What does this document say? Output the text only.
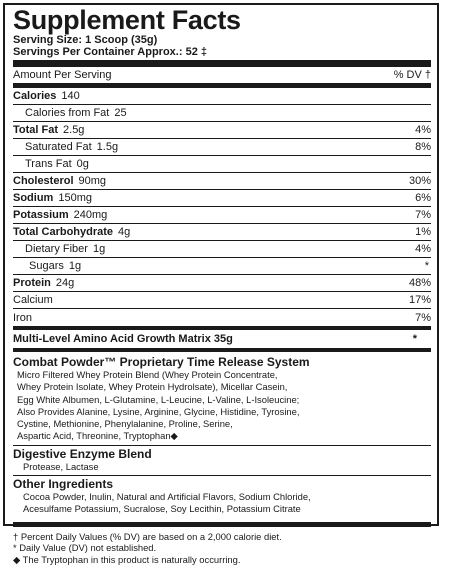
Supplement Facts
Serving Size: 1 Scoop (35g)
Servings Per Container Approx.: 52 ‡
Amount Per Serving	% DV †
Calories 140
Calories from Fat 25
Total Fat 2.5g	4%
Saturated Fat 1.5g	8%
Trans Fat 0g
Cholesterol 90mg	30%
Sodium 150mg	6%
Potassium 240mg	7%
Total Carbohydrate 4g	1%
Dietary Fiber 1g	4%
Sugars 1g	*
Protein 24g	48%
Calcium	17%
Iron	7%
Multi-Level Amino Acid Growth Matrix 35g	*
Combat Powder™ Proprietary Time Release System
Micro Filtered Whey Protein Blend (Whey Protein Concentrate,
Whey Protein Isolate, Whey Protein Hydrolsate), Micellar Casein,
Egg White Albumen, L-Glutamine, L-Leucine, L-Valine, L-Isoleucine;
Also Provides Alanine, Lysine, Arginine, Glycine, Histidine, Tyrosine,
Cystine, Methionine, Phenylalanine, Proline, Serine,
Aspartic Acid, Threonine, Tryptophan◆
Digestive Enzyme Blend
Protease, Lactase
Other Ingredients
Cocoa Powder, Inulin, Natural and Artificial Flavors, Sodium Chloride,
Acesulfame Potassium, Sucralose, Soy Lecithin, Potassium Citrate
† Percent Daily Values (% DV) are based on a 2,000 calorie diet.
* Daily Value (DV) not established.
◆ The Tryptophan in this product is naturally occurring.
